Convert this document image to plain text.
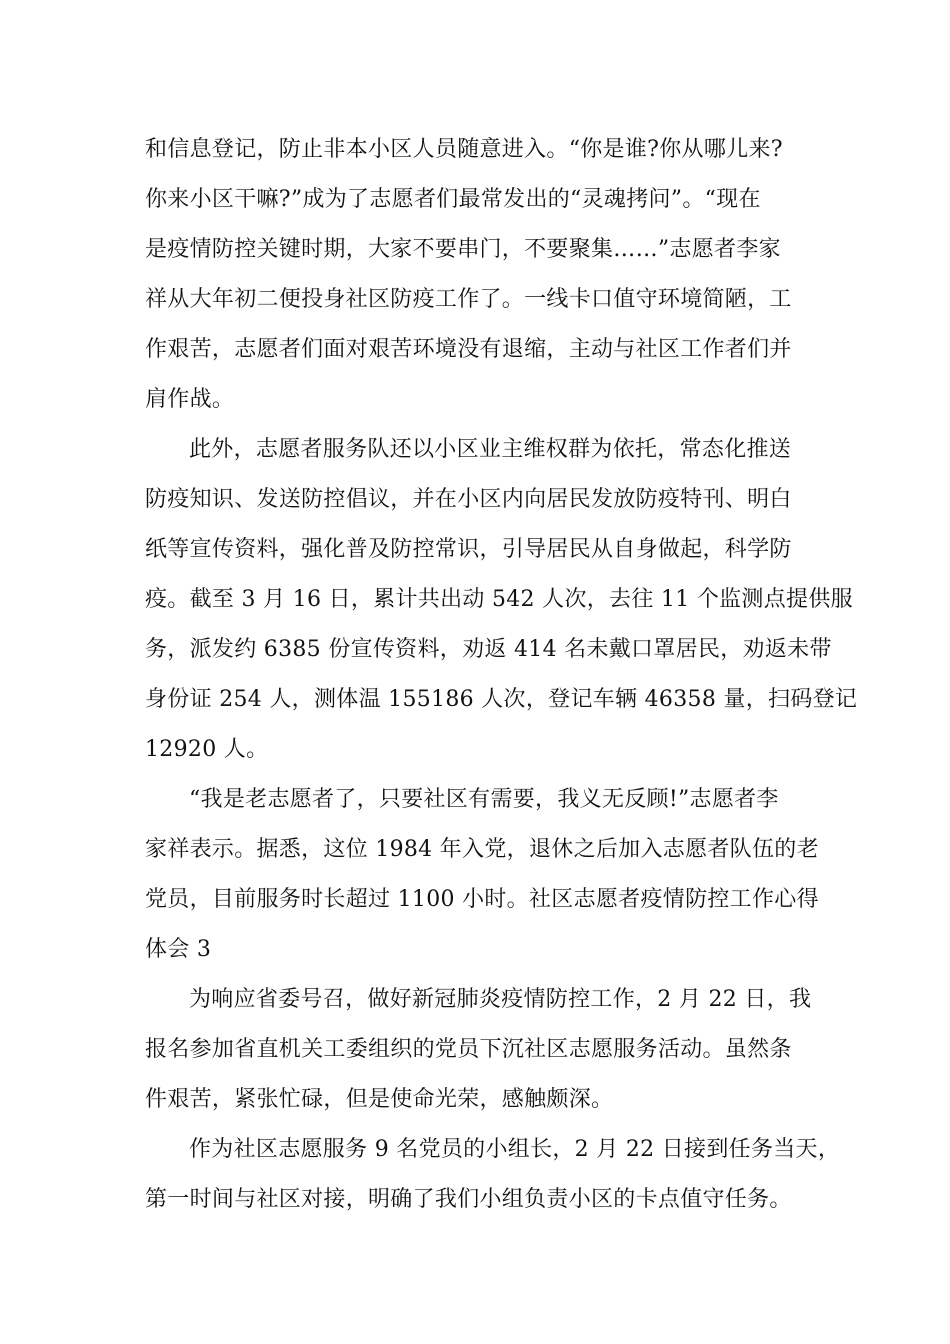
和信息登记，防止非本小区人员随意进入。“你是谁?你从哪儿来?
你来小区干嘛?”成为了志愿者们最常发出的“灵魂拷问”。“现在
是疫情防控关键时期，大家不要串门，不要聚集……”志愿者李家
祥从大年初二便投身社区防疫工作了。一线卡口值守环境简陋，工
作艰苦，志愿者们面对艰苦环境没有退缩，主动与社区工作者们并
肩作战。
此外，志愿者服务队还以小区业主维权群为依托，常态化推送
防疫知识、发送防控倡议，并在小区内向居民发放防疫特刊、明白
纸等宣传资料，强化普及防控常识，引导居民从自身做起，科学防
疫。截至 3 月 16 日，累计共出动 542 人次，去往 11 个监测点提供服
务，派发约 6385 份宣传资料，劝返 414 名未戴口罩居民，劝返未带
身份证 254 人，测体温 155186 人次，登记车辆 46358 量，扫码登记
12920 人。
“我是老志愿者了，只要社区有需要，我义无反顾!”志愿者李
家祥表示。据悉，这位 1984 年入党，退休之后加入志愿者队伍的老
党员，目前服务时长超过 1100 小时。社区志愿者疫情防控工作心得
体会 3
为响应省委号召，做好新冠肺炎疫情防控工作，2 月 22 日，我
报名参加省直机关工委组织的党员下沉社区志愿服务活动。虽然条
件艰苦，紧张忙碌，但是使命光荣，感触颇深。
作为社区志愿服务 9 名党员的小组长，2 月 22 日接到任务当天，
第一时间与社区对接，明确了我们小组负责小区的卡点值守任务。
